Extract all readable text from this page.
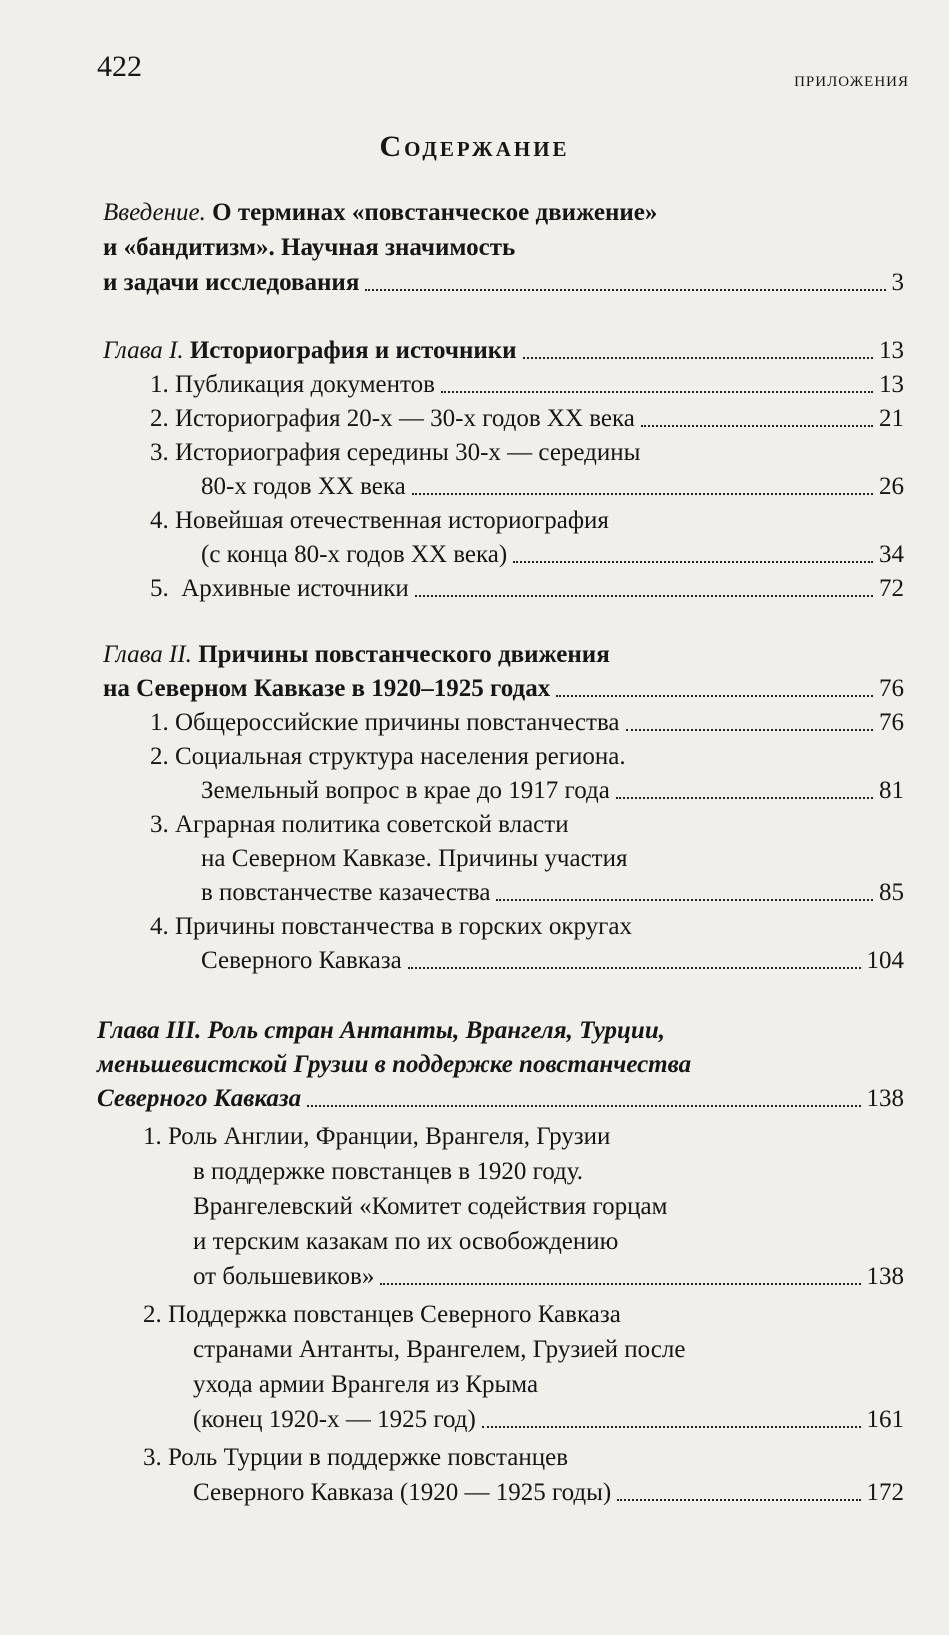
422	ПРИЛОЖЕНИЯ
Содержание
Введение. О терминах «повстанческое движение»
и «бандитизм». Научная значимость
и задачи исследования	3
Глава I. Историография и источники	13
1. Публикация документов	13
2. Историография 20-х — 30-х годов XX века	21
3. Историография середины 30-х — середины
80-х годов XX века	26
4. Новейшая отечественная историография
(с конца 80-х годов XX века)	34
5.  Архивные источники	72
Глава II. Причины повстанческого движения
на Северном Кавказе в 1920–1925 годах	76
1. Общероссийские причины повстанчества	76
2. Социальная структура населения региона.
Земельный вопрос в крае до 1917 года	81
3. Аграрная политика советской власти
на Северном Кавказе. Причины участия
в повстанчестве казачества	85
4. Причины повстанчества в горских округах
Северного Кавказа	104
Глава III. Роль стран Антанты, Врангеля, Турции,
меньшевистской Грузии в поддержке повстанчества
Северного Кавказа	138
1. Роль Англии, Франции, Врангеля, Грузии
в поддержке повстанцев в 1920 году.
Врангелевский «Комитет содействия горцам
и терским казакам по их освобождению
от большевиков»	138
2. Поддержка повстанцев Северного Кавказа
странами Антанты, Врангелем, Грузией после
ухода армии Врангеля из Крыма
(конец 1920-х — 1925 год)	161
3. Роль Турции в поддержке повстанцев
Северного Кавказа (1920 — 1925 годы)	172
